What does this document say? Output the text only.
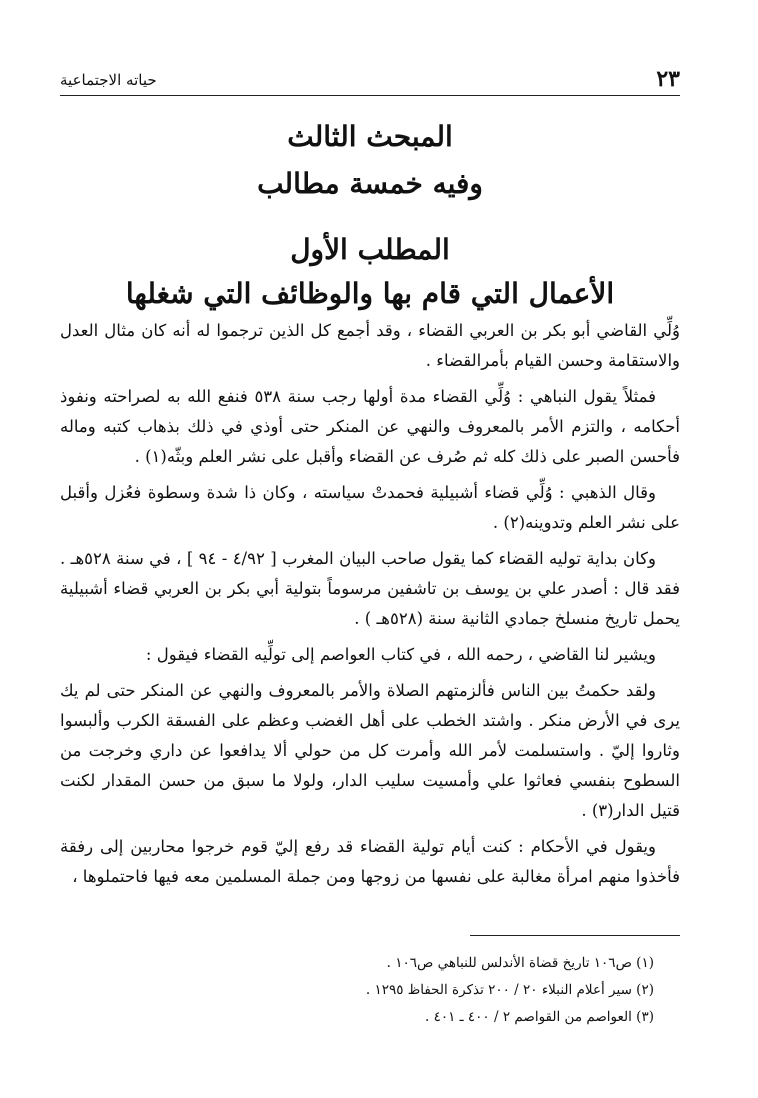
٢٣
حياته الاجتماعية
المبحث الثالث
وفيه خمسة مطالب
المطلب الأول
الأعمال التي قام بها والوظائف التي شغلها

وُلِّي القاضي أبو بكر بن العربي القضاء ، وقد أجمع كل الذين ترجموا له أنه كان مثال العدل والاستقامة وحسن القيام بأمرالقضاء .

فمثلاً يقول النباهي : وُلِّي القضاء مدة أولها رجب سنة ٥٣٨ فنفع الله به لصراحته ونفوذ أحكامه ، والتزم الأمر بالمعروف والنهي عن المنكر حتى أوذي في ذلك بذهاب كتبه وماله فأحسن الصبر على ذلك كله ثم صُرف عن القضاء وأقبل على نشر العلم وبثّه(١) .

وقال الذهبي : وُلِّي قضاء أشبيلية فحمدتْ سياسته ، وكان ذا شدة وسطوة فعُزل وأقبل على نشر العلم وتدوينه(٢) .

وكان بداية توليه القضاء كما يقول صاحب البيان المغرب [ ٤/٩٢ - ٩٤ ] ، في سنة ٥٢٨هـ . فقد قال : أصدر علي بن يوسف بن تاشفين مرسوماً بتولية أبي بكر بن العربي قضاء أشبيلية يحمل تاريخ منسلخ جمادي الثانية سنة (٥٢٨هـ ) .

ويشير لنا القاضي ، رحمه الله ، في كتاب العواصم إلى تولِّيه القضاء فيقول :

ولقد حكمتُ بين الناس فألزمتهم الصلاة والأمر بالمعروف والنهي عن المنكر حتى لم يك يرى في الأرض منكر . واشتد الخطب على أهل الغضب وعظم على الفسقة الكرب وألبسوا وثاروا إليّ . واستسلمت لأمر الله وأمرت كل من حولي ألا يدافعوا عن داري وخرجت من السطوح بنفسي فعاثوا علي وأمسيت سليب الدار، ولولا ما سبق من حسن المقدار لكنت قتيل الدار(٣) .

ويقول في الأحكام : كنت أيام تولية القضاء قد رفع إليّ قوم خرجوا محاربين إلى رفقة فأخذوا منهم امرأة مغالبة على نفسها من زوجها ومن جملة المسلمين معه فيها فاحتملوها ،

(١) ص١٠٦ تاريخ قضاة الأندلس للنباهي ص١٠٦ .

(٢) سير أعلام النبلاء ٢٠ / ٢٠٠ تذكرة الحفاظ ١٢٩٥ .

(٣) العواصم من القواصم ٢ / ٤٠٠ ـ ٤٠١ .
